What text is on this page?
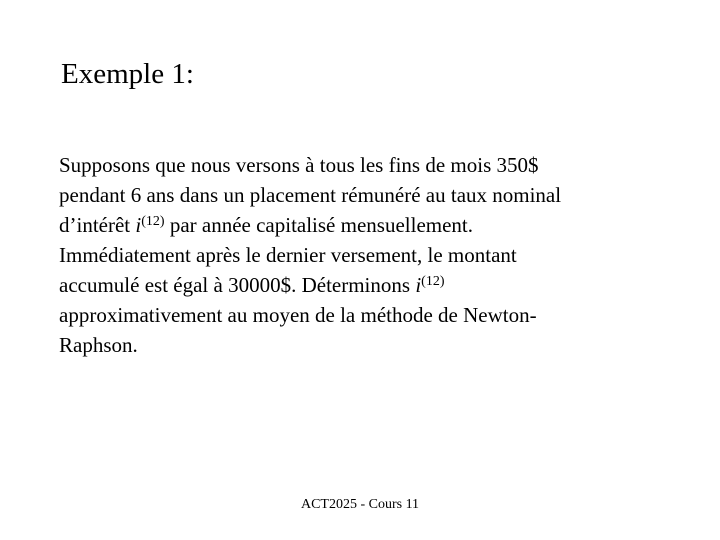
Exemple 1:
Supposons que nous versons à tous les fins de mois 350$
pendant 6 ans dans un placement rémunéré au taux nominal
d’intérêt $i^{(12)}$ par année capitalisé mensuellement.
Immédiatement après le dernier versement, le montant
accumulé est égal à 30000$. Déterminons $i^{(12)}$
approximativement au moyen de la méthode de Newton-
Raphson.
ACT2025 - Cours 11
